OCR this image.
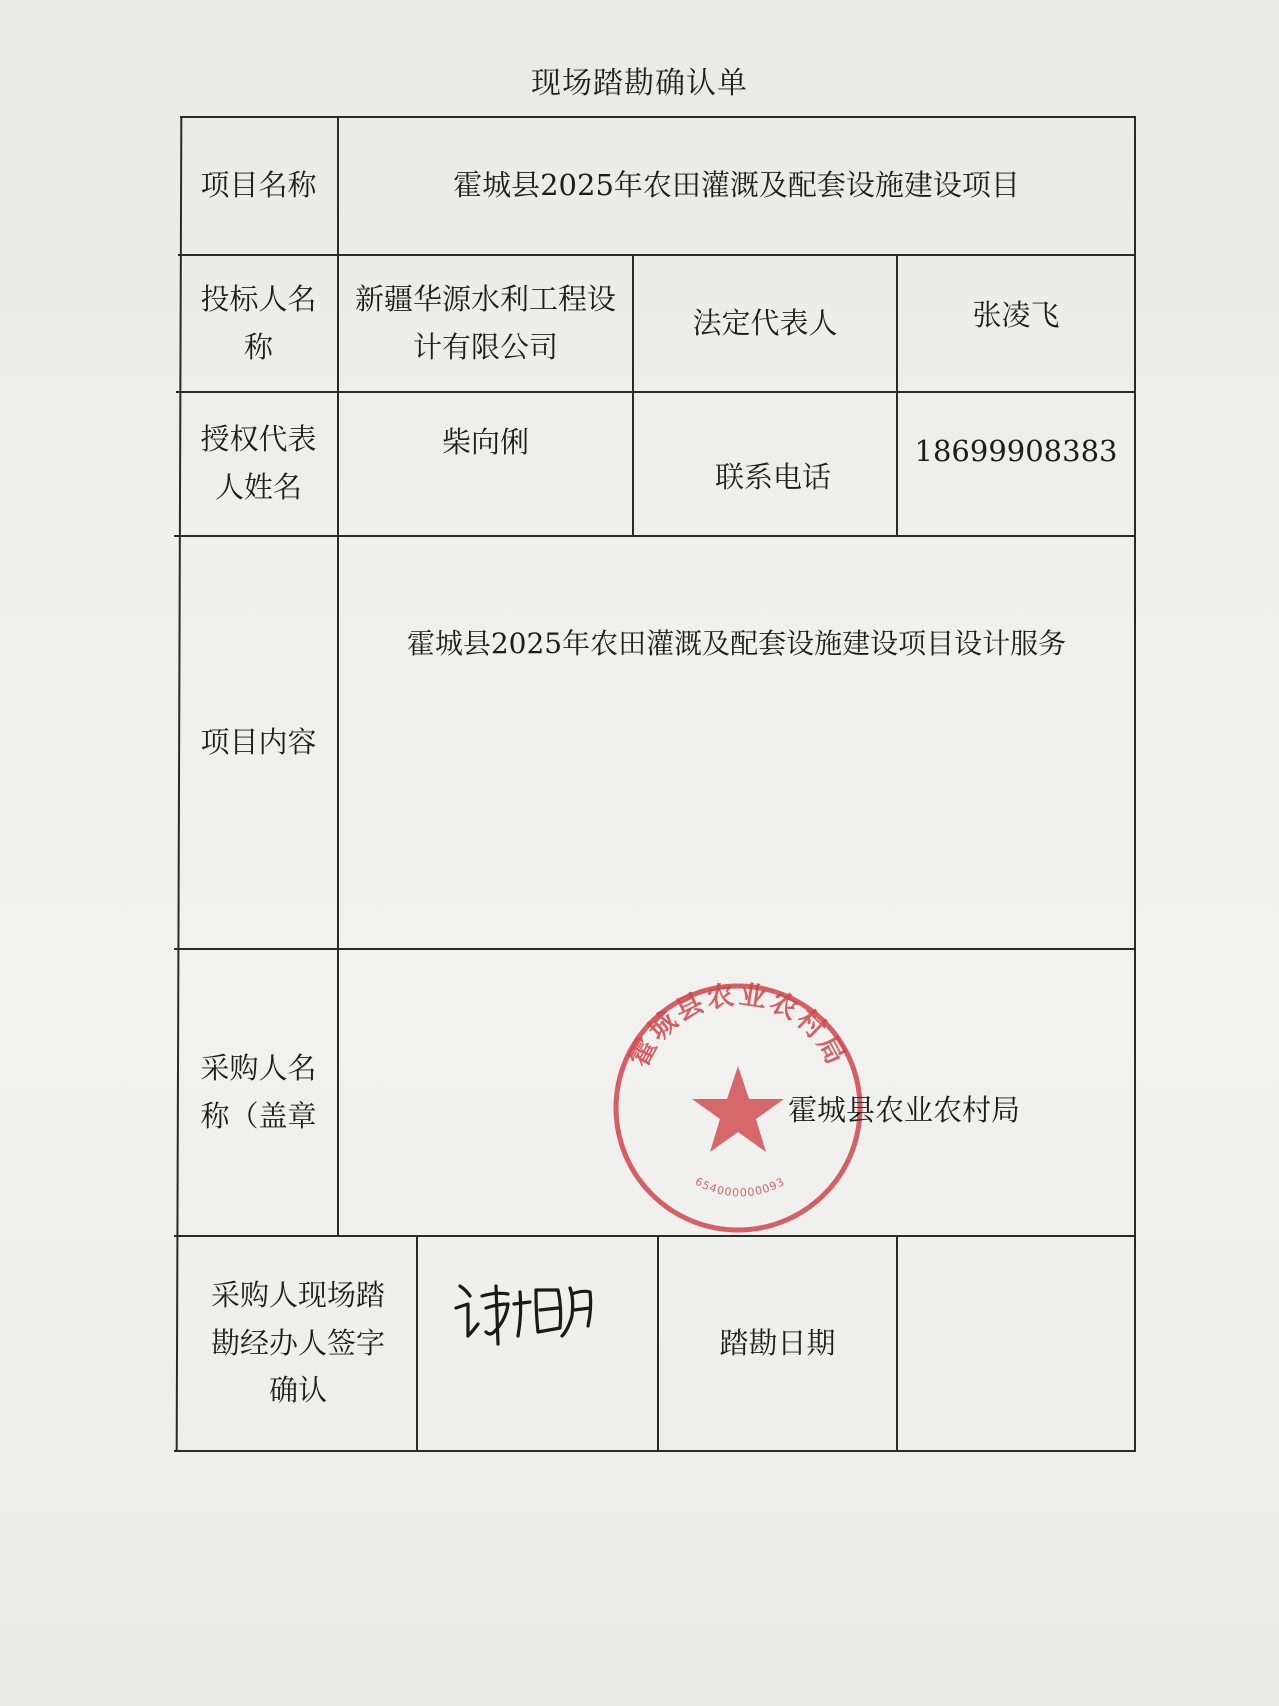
现场踏勘确认单
项目名称	霍城县2025年农田灌溉及配套设施建设项目
投标人名
称
新疆华源水利工程设
计有限公司
法定代表人	张凌飞
授权代表
人姓名
柴向俐
联系电话
18699908383
项目内容
霍城县2025年农田灌溉及配套设施建设项目设计服务
采购人名
称（盖章
霍城县农业农村局
654000000093
霍城县农业农村局
采购人现场踏
勘经办人签字
确认
踏勘日期
